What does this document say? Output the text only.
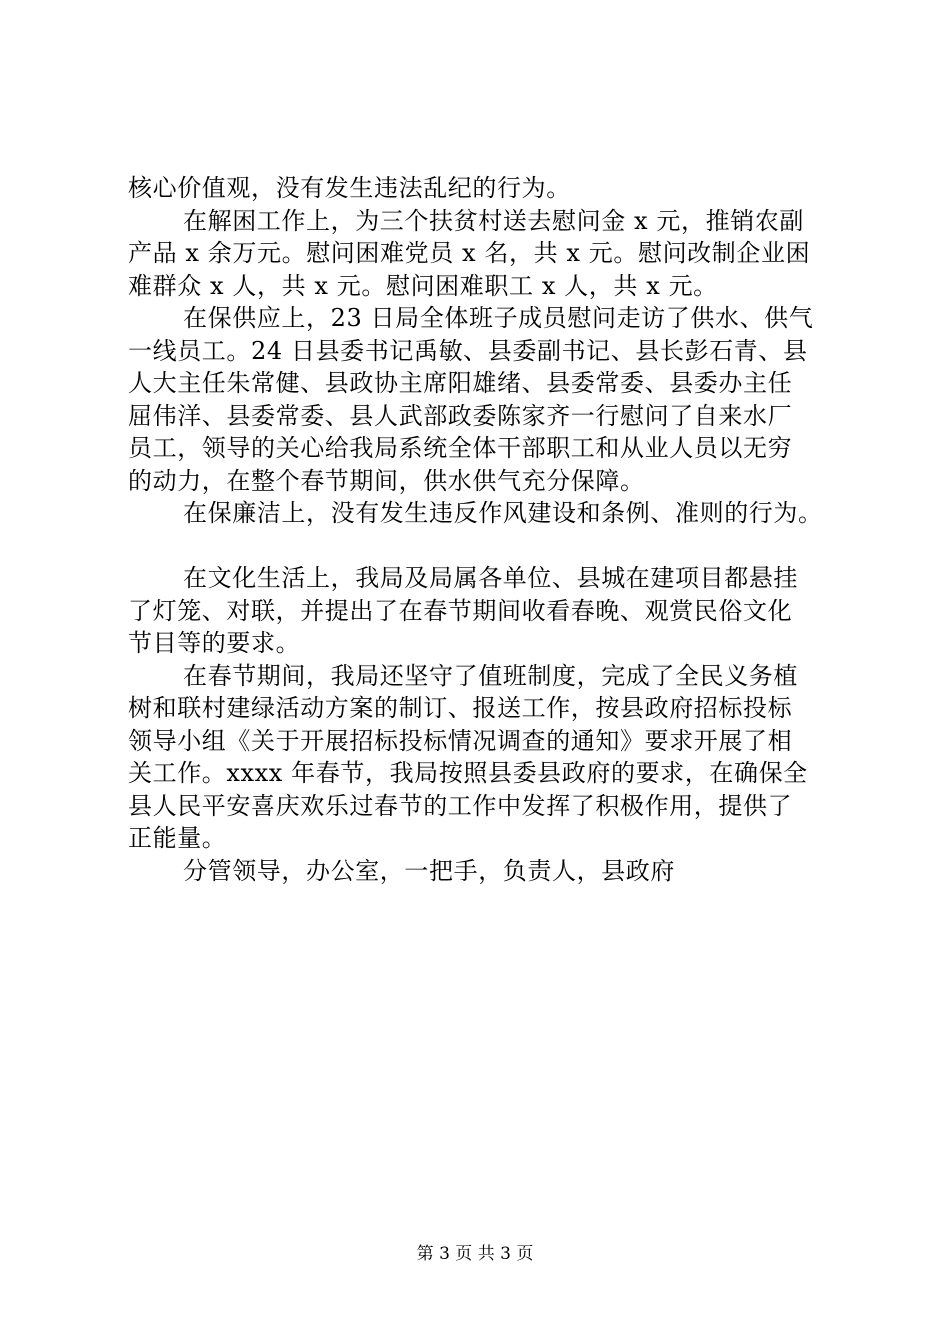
核心价值观，没有发生违法乱纪的行为。
在解困工作上，为三个扶贫村送去慰问金 x 元，推销农副
产品 x 余万元。慰问困难党员 x 名，共 x 元。慰问改制企业困
难群众 x 人，共 x 元。慰问困难职工 x 人，共 x 元。
在保供应上，23 日局全体班子成员慰问走访了供水、供气
一线员工。24 日县委书记禹敏、县委副书记、县长彭石青、县
人大主任朱常健、县政协主席阳雄绪、县委常委、县委办主任
屈伟洋、县委常委、县人武部政委陈家齐一行慰问了自来水厂
员工，领导的关心给我局系统全体干部职工和从业人员以无穷
的动力，在整个春节期间，供水供气充分保障。
在保廉洁上，没有发生违反作风建设和条例、准则的行为。
在文化生活上，我局及局属各单位、县城在建项目都悬挂
了灯笼、对联，并提出了在春节期间收看春晚、观赏民俗文化
节目等的要求。
在春节期间，我局还坚守了值班制度，完成了全民义务植
树和联村建绿活动方案的制订、报送工作，按县政府招标投标
领导小组《关于开展招标投标情况调查的通知》要求开展了相
关工作。xxxx 年春节，我局按照县委县政府的要求，在确保全
县人民平安喜庆欢乐过春节的工作中发挥了积极作用，提供了
正能量。
分管领导，办公室，一把手，负责人，县政府
第 3 页 共 3 页
